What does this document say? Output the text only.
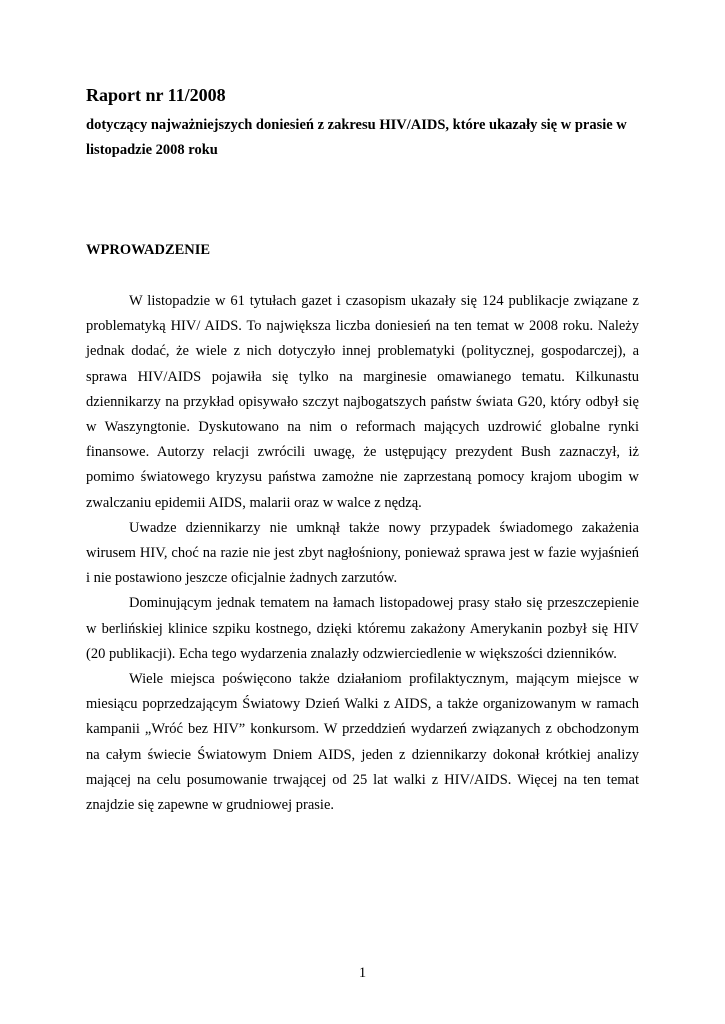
Raport nr 11/2008
dotyczący najważniejszych doniesień z zakresu HIV/AIDS, które ukazały się w prasie w listopadzie 2008 roku
WPROWADZENIE

W listopadzie w 61 tytułach gazet i czasopism ukazały się 124 publikacje związane z problematyką HIV/ AIDS. To największa liczba doniesień na ten temat w 2008 roku. Należy jednak dodać, że wiele z nich dotyczyło innej problematyki (politycznej, gospodarczej), a sprawa HIV/AIDS pojawiła się tylko na marginesie omawianego tematu. Kilkunastu dziennikarzy na przykład opisywało szczyt najbogatszych państw świata G20, który odbył się w Waszyngtonie. Dyskutowano na nim o reformach mających uzdrowić globalne rynki finansowe. Autorzy relacji zwrócili uwagę, że ustępujący prezydent Bush zaznaczył, iż pomimo światowego kryzysu państwa zamożne nie zaprzestaną pomocy krajom ubogim w zwalczaniu epidemii AIDS, malarii oraz w walce z nędzą.

Uwadze dziennikarzy nie umknął także nowy przypadek świadomego zakażenia wirusem HIV, choć na razie nie jest zbyt nagłośniony, ponieważ sprawa jest w fazie wyjaśnień i nie postawiono jeszcze oficjalnie żadnych zarzutów.

Dominującym jednak tematem na łamach listopadowej prasy stało się przeszczepienie w berlińskiej klinice szpiku kostnego, dzięki któremu zakażony Amerykanin pozbył się HIV (20 publikacji). Echa tego wydarzenia znalazły odzwierciedlenie w większości dzienników.

Wiele miejsca poświęcono także działaniom profilaktycznym, mającym miejsce w miesiącu poprzedzającym Światowy Dzień Walki z AIDS, a także organizowanym w ramach kampanii „Wróć bez HIV” konkursom. W przeddzień wydarzeń związanych z obchodzonym na całym świecie Światowym Dniem AIDS, jeden z dziennikarzy dokonał krótkiej analizy mającej na celu posumowanie trwającej od 25 lat walki z HIV/AIDS. Więcej na ten temat znajdzie się zapewne w grudniowej prasie.

1
